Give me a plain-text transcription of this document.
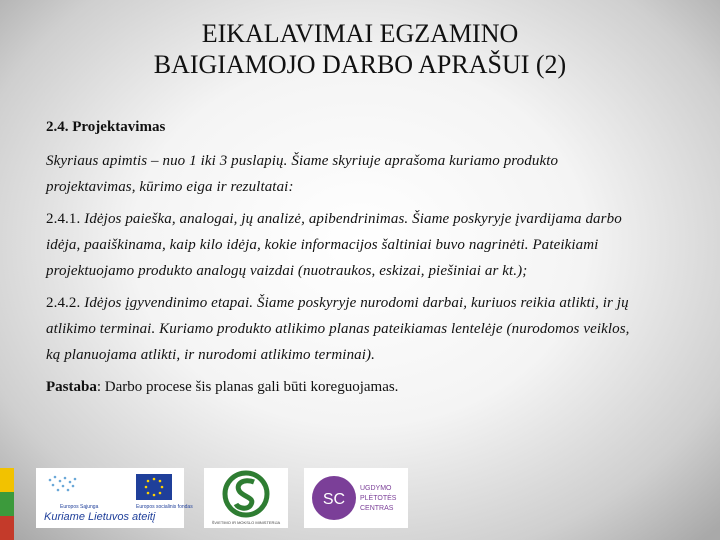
EIKALAVIMAI EGZAMINO
BAIGIAMOJO DARBO APRAŠUI (2)

2.4. Projektavimas

Skyriaus apimtis – nuo 1 iki 3 puslapių. Šiame skyriuje aprašoma kuriamo produkto projektavimas, kūrimo eiga ir rezultatai:

2.4.1. Idėjos paieška, analogai, jų analizė, apibendrinimas. Šiame poskyryje įvardijama darbo idėja, paaiškinama, kaip kilo idėja, kokie informacijos šaltiniai buvo nagrinėti. Pateikiami projektuojamo produkto analogų vaizdai (nuotraukos, eskizai, piešiniai ar kt.);

2.4.2. Idėjos įgyvendinimo etapai. Šiame poskyryje nurodomi darbai, kuriuos reikia atlikti, ir jų atlikimo terminai. Kuriamo produkto atlikimo planas pateikiamas lentelėje (nurodomos veiklos, ką planuojama atlikti, ir nurodomi atlikimo terminai).

Pastaba: Darbo procese šis planas gali būti koreguojamas.

Europos Sąjunga	Europos socialinis fondas
Kuriame Lietuvos ateitį	ŠVIETIMO IR MOKSLO MINISTERIJA
SC
UGDYMO
PLĖTOTĖS
CENTRAS
